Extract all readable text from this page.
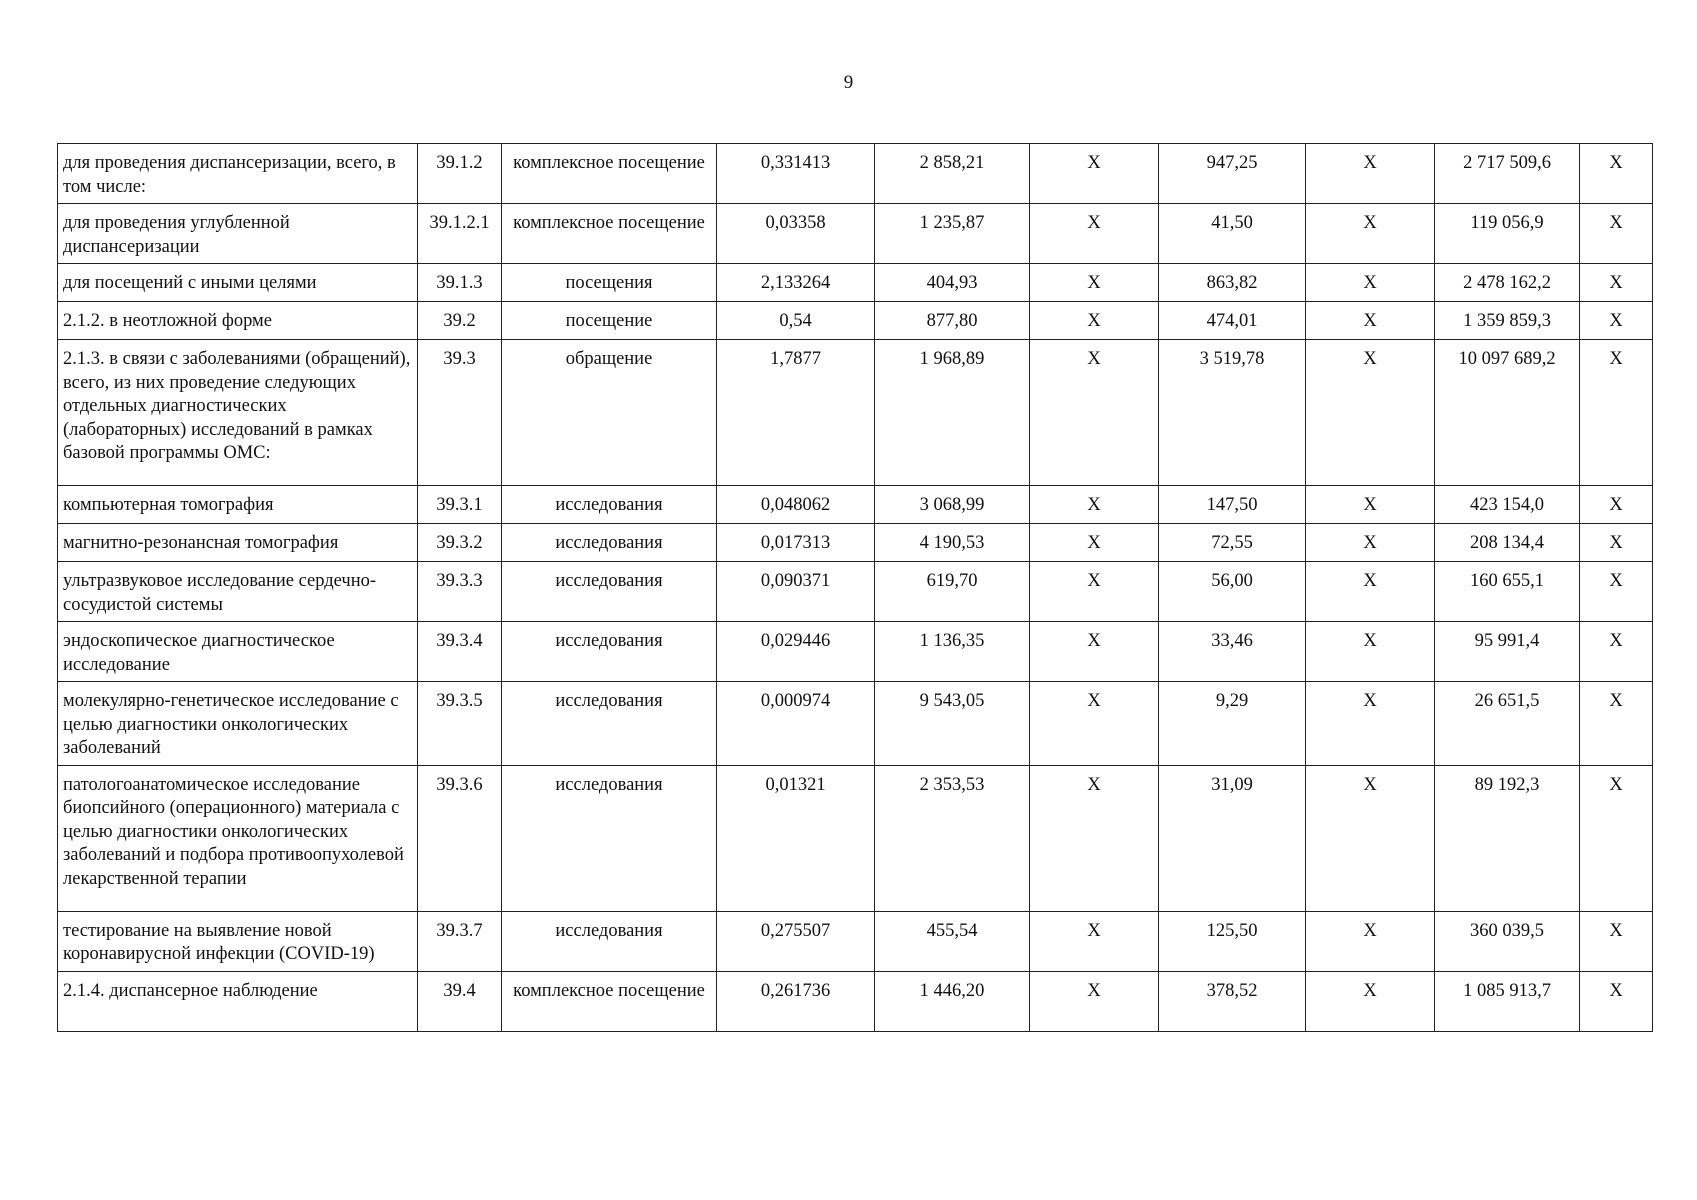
9
для проведения диспансеризации, всего, в том числе:	39.1.2	комплексное посещение	0,331413	2 858,21	X	947,25	X	2 717 509,6	X
для проведения углубленной диспансеризации	39.1.2.1	комплексное посещение	0,03358	1 235,87	X	41,50	X	119 056,9	X
для посещений с иными целями	39.1.3	посещения	2,133264	404,93	X	863,82	X	2 478 162,2	X
2.1.2. в неотложной форме	39.2	посещение	0,54	877,80	X	474,01	X	1 359 859,3	X
2.1.3. в связи с заболеваниями (обращений), всего, из них проведение следующих отдельных диагностических (лабораторных) исследований в рамках базовой программы ОМС:	39.3	обращение	1,7877	1 968,89	X	3 519,78	X	10 097 689,2	X
компьютерная томография	39.3.1	исследования	0,048062	3 068,99	X	147,50	X	423 154,0	X
магнитно-резонансная томография	39.3.2	исследования	0,017313	4 190,53	X	72,55	X	208 134,4	X
ультразвуковое исследование сердечно-сосудистой системы	39.3.3	исследования	0,090371	619,70	X	56,00	X	160 655,1	X
эндоскопическое диагностическое исследование	39.3.4	исследования	0,029446	1 136,35	X	33,46	X	95 991,4	X
молекулярно-генетическое исследование с целью диагностики онкологических заболеваний	39.3.5	исследования	0,000974	9 543,05	X	9,29	X	26 651,5	X
патологоанатомическое исследование биопсийного (операционного) материала с целью диагностики онкологических заболеваний и подбора противоопухолевой лекарственной терапии	39.3.6	исследования	0,01321	2 353,53	X	31,09	X	89 192,3	X
тестирование на выявление новой коронавирусной инфекции (COVID-19)	39.3.7	исследования	0,275507	455,54	X	125,50	X	360 039,5	X
2.1.4. диспансерное наблюдение	39.4	комплексное посещение	0,261736	1 446,20	X	378,52	X	1 085 913,7	X
